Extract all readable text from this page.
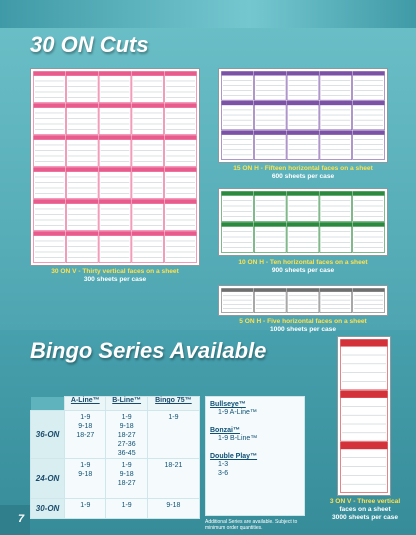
30 ON Cuts
30 ON V - Thirty vertical faces on a sheet
300 sheets per case
15 ON H - Fifteen horizontal faces on a sheet
600 sheets per case
10 ON H - Ten horizontal faces on a sheet
900 sheets per case
5 ON H - Five horizontal faces on a sheet
1000 sheets per case
3 ON V - Three vertical
faces on a sheet
3000 sheets per case
Bingo Series Available
	A-Line™	B-Line™	Bingo 75™
36-ON	1-9
9-18
18-27	1-9
9-18
18-27
27-36
36-45	1-9
24-ON	1-9
9-18	1-9
9-18
18-27	18-21
30-ON	1-9	1-9	9-18
Bullseye™
1-9 A-Line™
Bonzai™
1-9 B-Line™
Double Play™
1-3
3-6
Additional Series are available. Subject to minimum order quantities.
7
